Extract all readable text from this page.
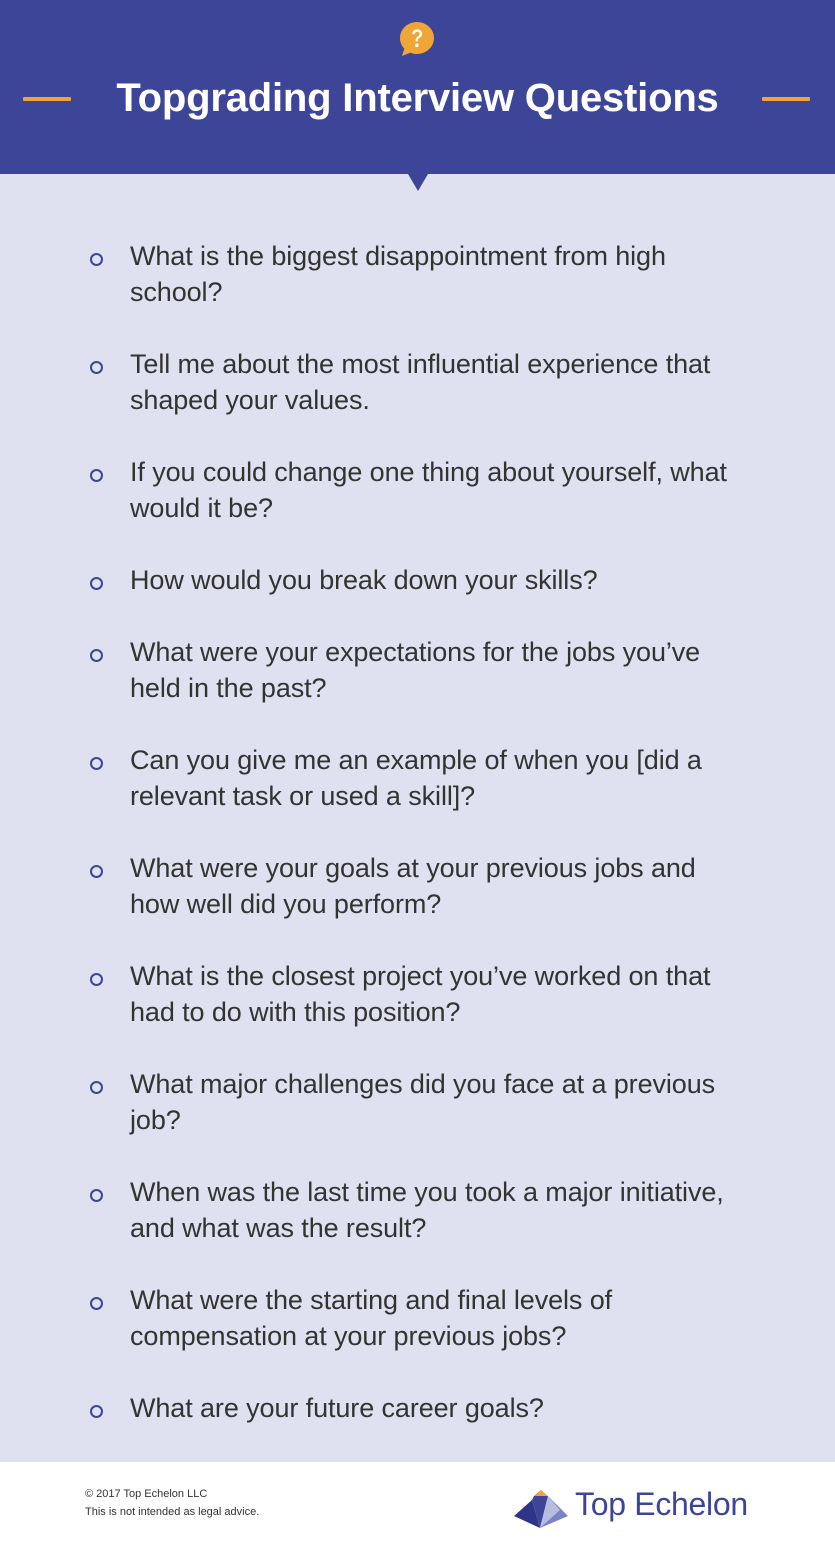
Topgrading Interview Questions
What is the biggest disappointment from high school?
Tell me about the most influential experience that shaped your values.
If you could change one thing about yourself, what would it be?
How would you break down your skills?
What were your expectations for the jobs you’ve held in the past?
Can you give me an example of when you [did a relevant task or used a skill]?
What were your goals at your previous jobs and how well did you perform?
What is the closest project you’ve worked on that had to do with this position?
What major challenges did you face at a previous job?
When was the last time you took a major initiative, and what was the result?
What were the starting and final levels of compensation at your previous jobs?
What are your future career goals?
© 2017 Top Echelon LLC
This is not intended as legal advice.	Top Echelon
